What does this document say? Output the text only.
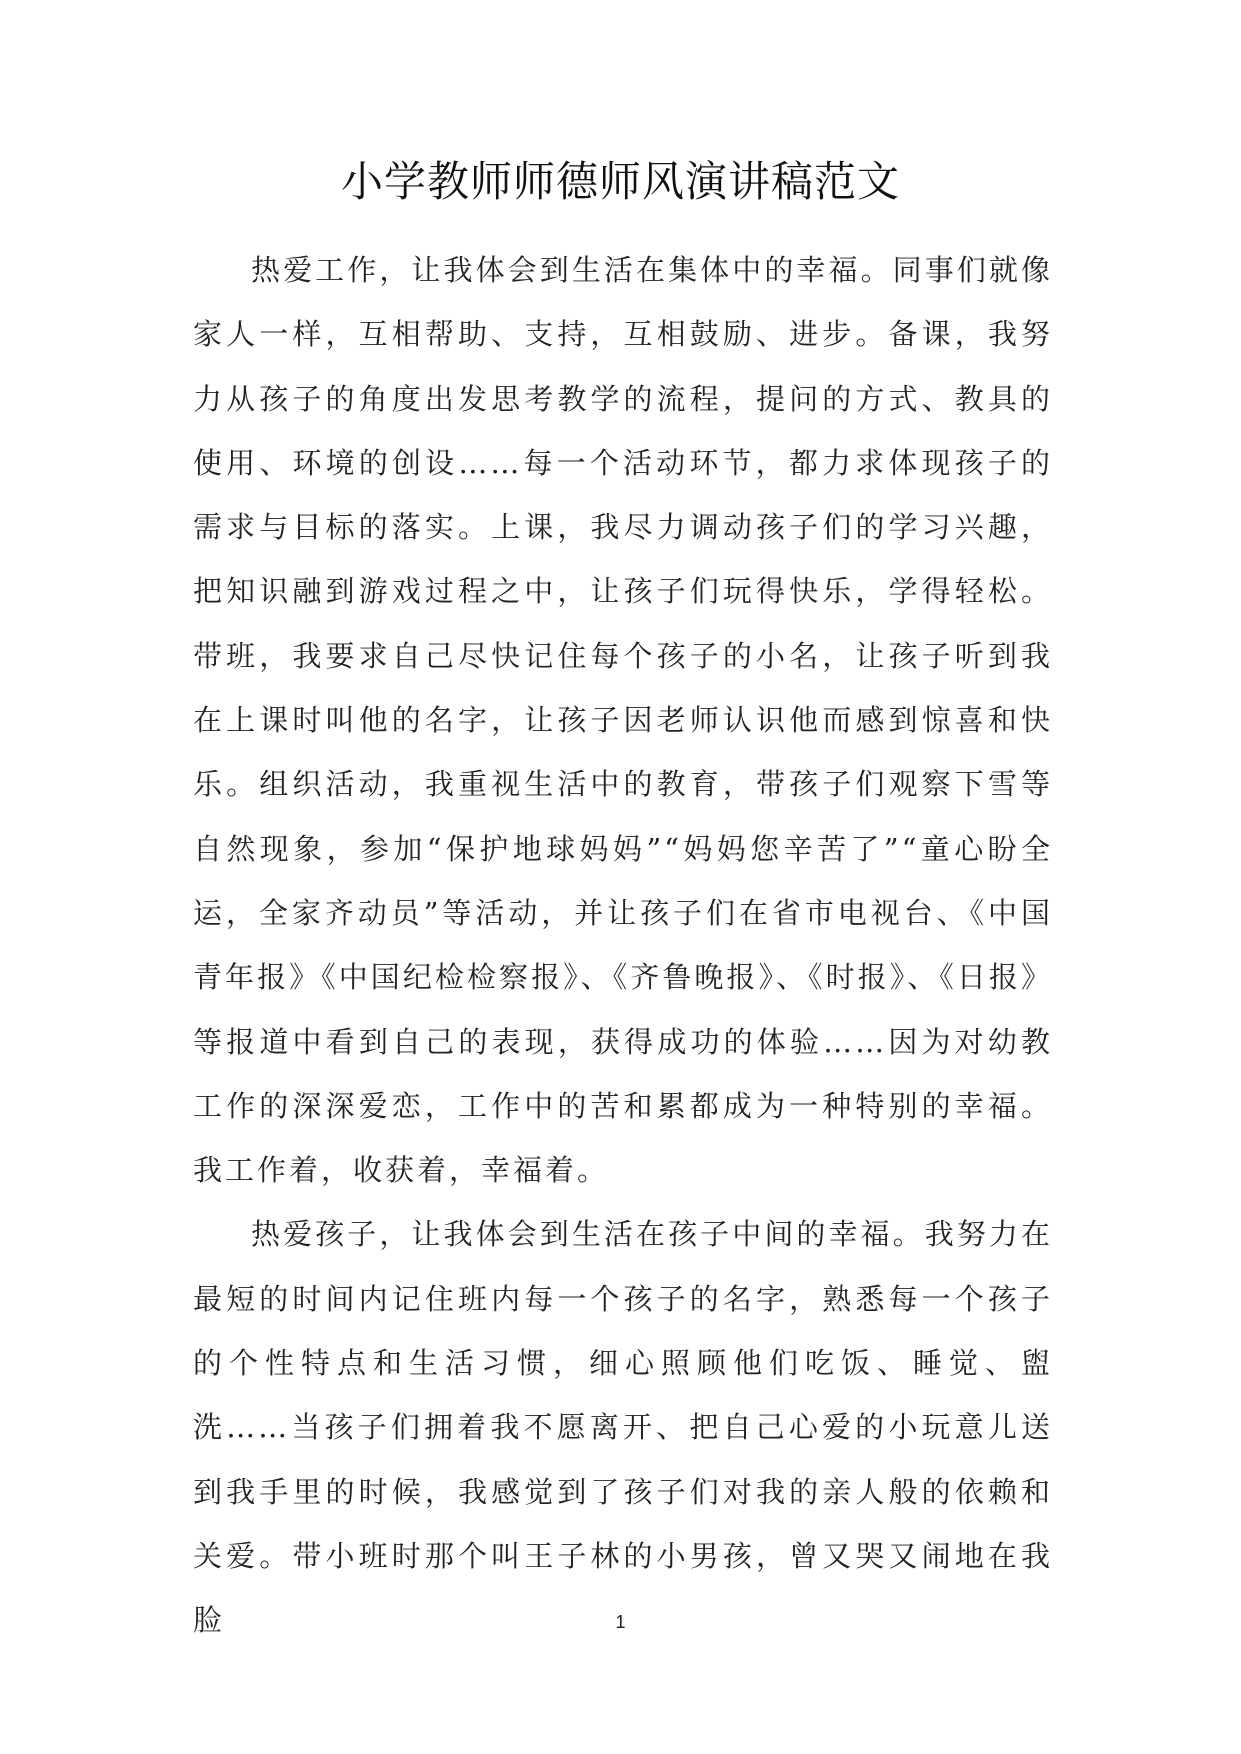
小学教师师德师风演讲稿范文

热爱工作，让我体会到生活在集体中的幸福。同事们就像家人一样，互相帮助、支持，互相鼓励、进步。备课，我努力从孩子的角度出发思考教学的流程，提问的方式、教具的使用、环境的创设……每一个活动环节，都力求体现孩子的需求与目标的落实。上课，我尽力调动孩子们的学习兴趣，把知识融到游戏过程之中，让孩子们玩得快乐，学得轻松。带班，我要求自己尽快记住每个孩子的小名，让孩子听到我在上课时叫他的名字，让孩子因老师认识他而感到惊喜和快乐。组织活动，我重视生活中的教育，带孩子们观察下雪等自然现象，参加“保护地球妈妈”“妈妈您辛苦了”“童心盼全运，全家齐动员”等活动，并让孩子们在省市电视台、《中国青年报》《中国纪检检察报》、《齐鲁晚报》、《时报》、《日报》等报道中看到自己的表现，获得成功的体验……因为对幼教工作的深深爱恋，工作中的苦和累都成为一种特别的幸福。我工作着，收获着，幸福着。

热爱孩子，让我体会到生活在孩子中间的幸福。我努力在最短的时间内记住班内每一个孩子的名字，熟悉每一个孩子的个性特点和生活习惯，细心照顾他们吃饭、睡觉、盥洗……当孩子们拥着我不愿离开、把自己心爱的小玩意儿送到我手里的时候，我感觉到了孩子们对我的亲人般的依赖和关爱。带小班时那个叫王子林的小男孩，曾又哭又闹地在我脸	1
